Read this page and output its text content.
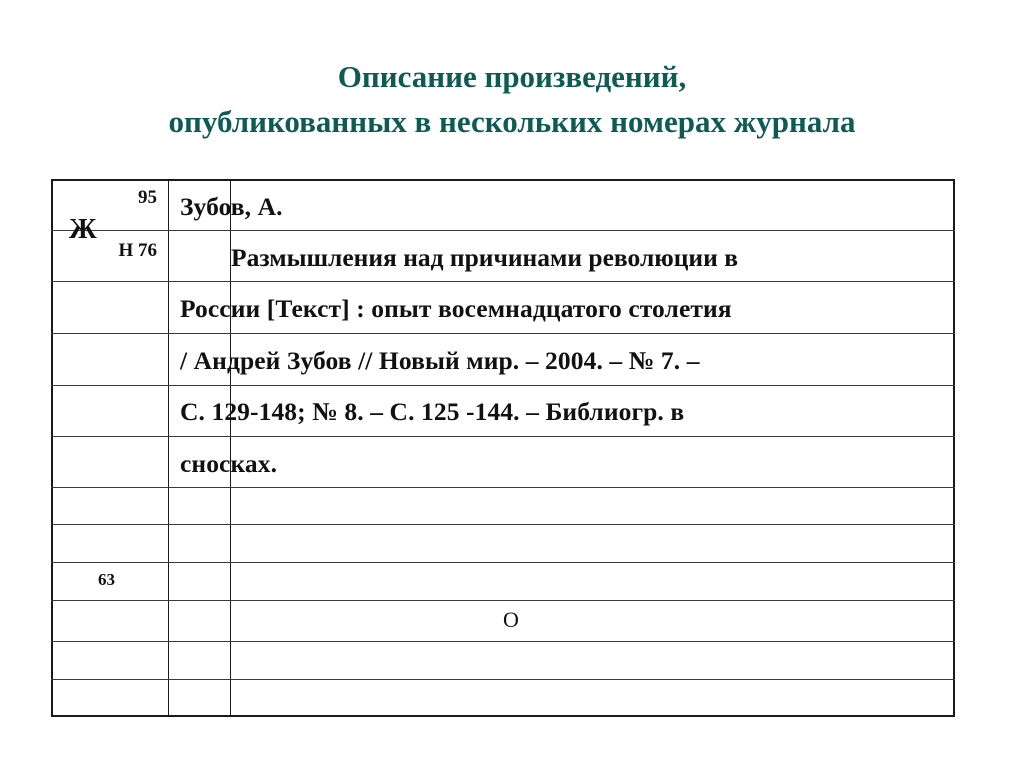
Описание произведений,
опубликованных в нескольких номерах журнала
95
Ж
Н 76
Зубов, А.
Размышления над причинами революции в
России [Текст] : опыт восемнадцатого столетия
/ Андрей Зубов // Новый мир. – 2004. – № 7. –
С. 129-148; № 8. – С. 125 -144. – Библиогр. в
сносках.
63
О
